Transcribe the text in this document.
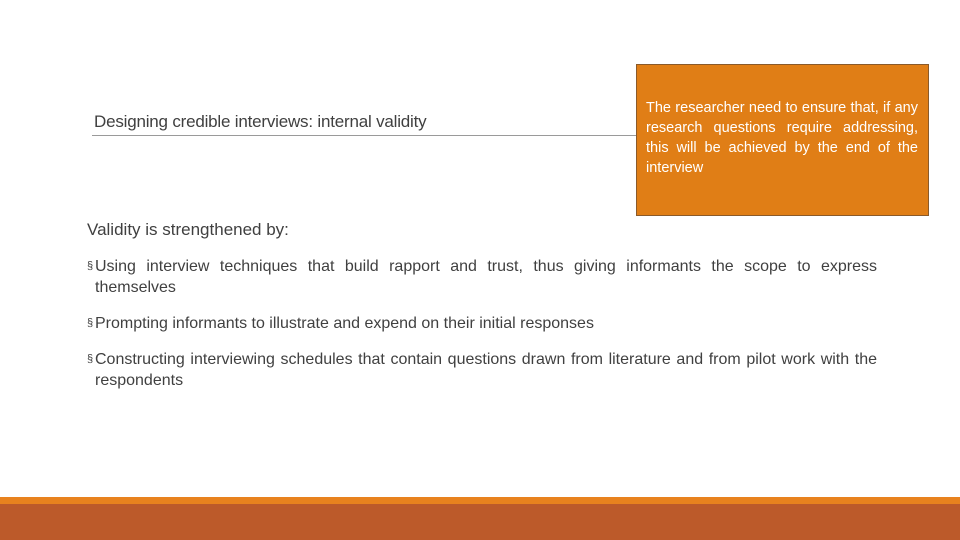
Designing credible interviews: internal validity
The researcher need to ensure that, if any research questions require addressing, this will be achieved by the end of the interview
Validity is strengthened by:
§ Using interview techniques that build rapport and trust, thus giving informants the scope to express themselves
§ Prompting informants to illustrate and expend on their initial responses
§ Constructing interviewing schedules that contain questions drawn from literature and from pilot work with the respondents
